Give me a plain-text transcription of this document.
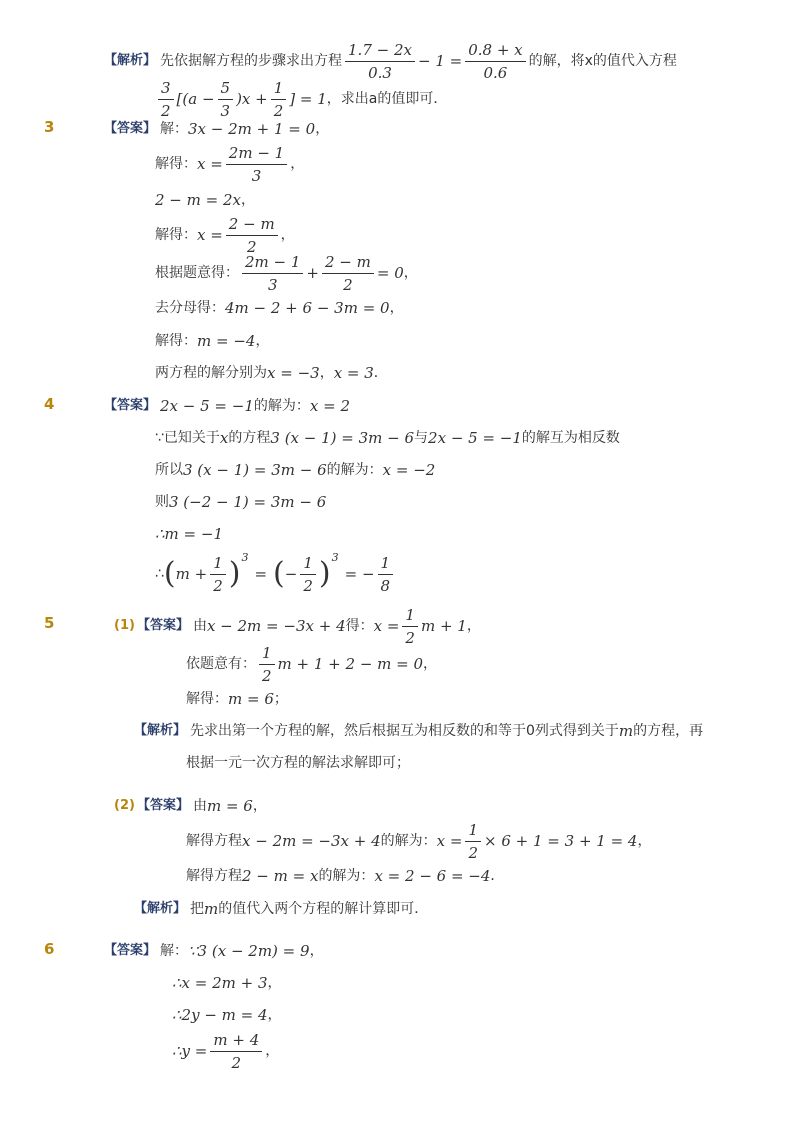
【解析】 先依据解方程的步骤求出方程 $\frac{1.7 - 2x}{0.3} - 1 = \frac{0.8 + x}{0.6}$ 的解，将x的值代入方程
$\frac{3}{2} [(a - \frac{5}{3} )x + \frac{1}{2}$ ] = 1 ，求出a的值即可．
3	【答案】 解： 3x − 2m + 1 = 0 ，
解得： $x = \frac{2m - 1}{3}$ ，
2 − m = 2x ，
解得： $x = \frac{2 - m}{2}$ ，
根据题意得： $\frac{2m - 1}{3} + \frac{2 - m}{2} = 0$ ，
去分母得： 4m − 2 + 6 − 3m = 0 ，
解得： m = −4 ，
两方程的解分别为 x = −3 ， x = 3 ．
4	【答案】 2x − 5 = −1 的解为： x = 2
∵已知关于 x 的方程 3 (x − 1) = 3m − 6 与 2x − 5 = −1 的解互为相反数
所以 3 (x − 1) = 3m − 6 的解为： x = −2
则 3 (−2 − 1) = 3m − 6
∴m = −1
∴ ( $m + \frac{1}{2}$ ) 3
= ( − $\frac{1}{2}$ ) 3
= − $\frac{1}{8}$
5	(1) 【答案】 由 x − 2m = −3x + 4 得： $x = \frac{1}{2}$ m + 1 ，
依题意有： $\frac{1}{2}$ m + 1 + 2 − m = 0 ，
解得： m = 6 ；
【解析】 先求出第一个方程的解，然后根据互为相反数的和等于0列式得到关于 m 的方程，再
根据一元一次方程的解法求解即可；
(2) 【答案】 由 m = 6 ，
解得方程 x − 2m = −3x + 4 的解为： $x = \frac{1}{2} \times 6 + 1 = 3 + 1 = 4$ ，
解得方程 2 − m = x 的解为： x = 2 − 6 = −4 ．
【解析】 把 m 的值代入两个方程的解计算即可．
6	【答案】 解： ∵3 (x − 2m) = 9 ，
∴x = 2m + 3 ，
∴2y − m = 4 ，
∴y = $\frac{m + 4}{2}$ ，
